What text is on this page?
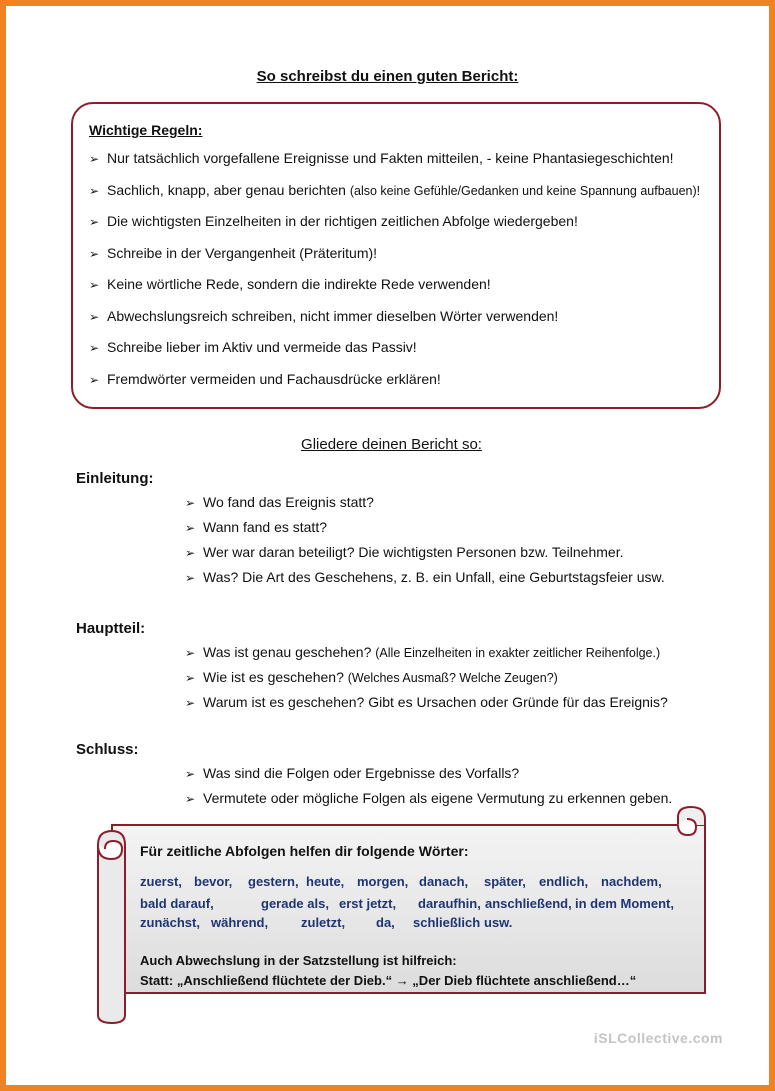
So schreibst du einen guten Bericht:
Wichtige Regeln:
➢ Nur tatsächlich vorgefallene Ereignisse und Fakten mitteilen, - keine Phantasiegeschichten!
➢ Sachlich, knapp, aber genau berichten (also keine Gefühle/Gedanken und keine Spannung aufbauen)!
➢ Die wichtigsten Einzelheiten in der richtigen zeitlichen Abfolge wiedergeben!
➢ Schreibe in der Vergangenheit (Präteritum)!
➢ Keine wörtliche Rede, sondern die indirekte Rede verwenden!
➢ Abwechslungsreich schreiben, nicht immer dieselben Wörter verwenden!
➢ Schreibe lieber im Aktiv und vermeide das Passiv!
➢ Fremdwörter vermeiden und Fachausdrücke erklären!
Gliedere deinen Bericht so:
Einleitung:
➢ Wo fand das Ereignis statt?
➢ Wann fand es statt?
➢ Wer war daran beteiligt? Die wichtigsten Personen bzw. Teilnehmer.
➢ Was? Die Art des Geschehens, z. B. ein Unfall, eine Geburtstagsfeier usw.
Hauptteil:
➢ Was ist genau geschehen? (Alle Einzelheiten in exakter zeitlicher Reihenfolge.)
➢ Wie ist es geschehen? (Welches Ausmaß? Welche Zeugen?)
➢ Warum ist es geschehen? Gibt es Ursachen oder Gründe für das Ereignis?
Schluss:
➢ Was sind die Folgen oder Ergebnisse des Vorfalls?
➢ Vermutete oder mögliche Folgen als eigene Vermutung zu erkennen geben.
Für zeitliche Abfolgen helfen dir folgende Wörter:
zuerst, bevor, gestern, heute, morgen, danach, später, endlich, nachdem,
bald darauf,	gerade als, erst jetzt, daraufhin, anschließend, in dem Moment,
zunächst, während,	zuletzt, da, schließlich usw.
Auch Abwechslung in der Satzstellung ist hilfreich:
Statt: „Anschließend flüchtete der Dieb.“ → „Der Dieb flüchtete anschließend…“
iSLCollective.com
